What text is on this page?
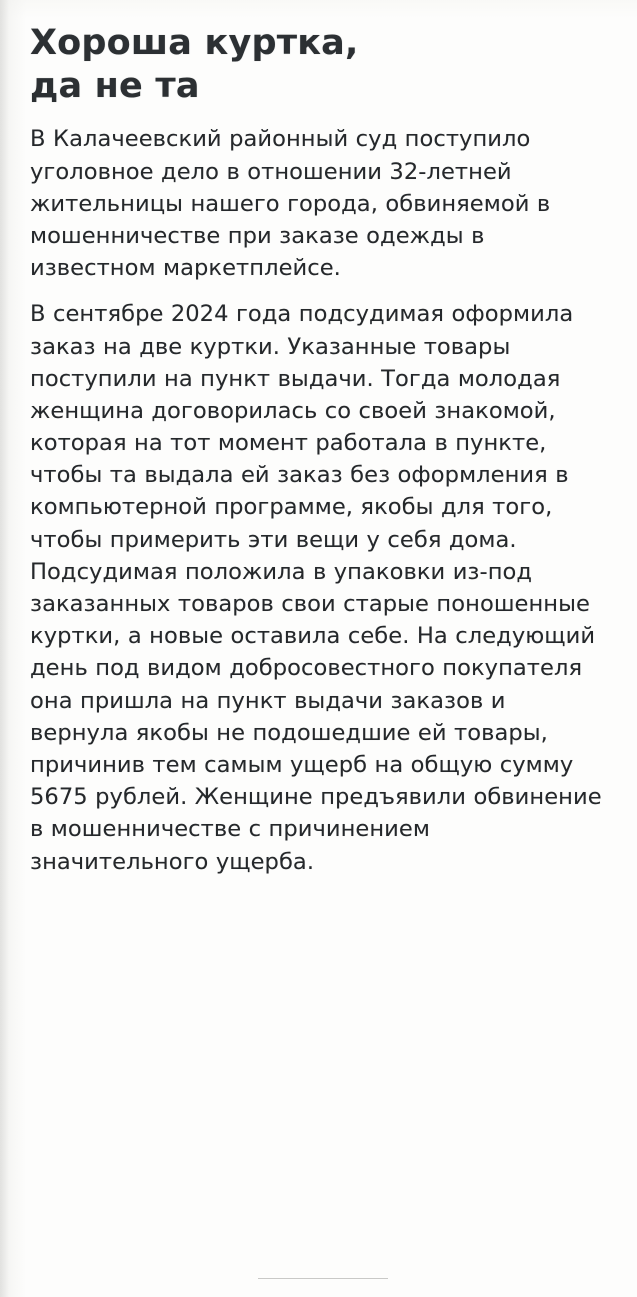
Хороша куртка,
да не та

В Калачеевский районный суд поступило уголовное дело в отношении 32-летней жительницы нашего города, обвиняемой в мошенничестве при заказе одежды в известном маркетплейсе.

В сентябре 2024 года подсудимая оформила заказ на две куртки. Указанные товары поступили на пункт выдачи. Тогда молодая женщина договорилась со своей знакомой, которая на тот момент работала в пункте, чтобы та выдала ей заказ без оформления в компьютерной программе, якобы для того, чтобы примерить эти вещи у себя дома. Подсудимая положила в упаковки из-под заказанных товаров свои старые поношенные куртки, а новые оставила себе. На следующий день под видом добросовестного покупателя она пришла на пункт выдачи заказов и вернула якобы не подошедшие ей товары, причинив тем самым ущерб на общую сумму 5675 рублей. Женщине предъявили обвинение в мошенничестве с причинением значительного ущерба.
